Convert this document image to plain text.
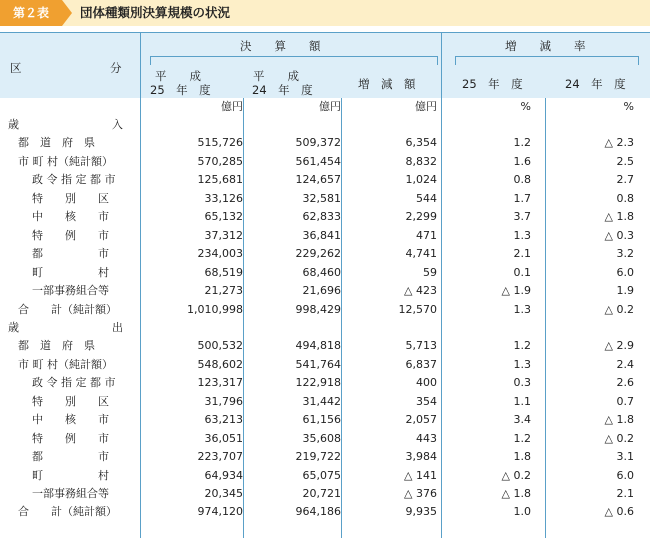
第２表	団体種類別決算規模の状況
区	分
決　　算　　額	増　　減　　率
平　　成
25　年　度
平　　成
24　年　度	増　減　額	25　年　度	24　年　度
億円	億円	億円	%	%
歳	入
都　道　府　県	515,726	509,372	6,354	1.2	△ 2.3
市 町 村（純計額）	570,285	561,454	8,832	1.6	2.5
政 令 指 定 都 市	125,681	124,657	1,024	0.8	2.7
特　　別　　区	33,126	32,581	544	1.7	0.8
中　　核　　市	65,132	62,833	2,299	3.7	△ 1.8
特　　例　　市	37,312	36,841	471	1.3	△ 0.3
都　　　　　市	234,003	229,262	4,741	2.1	3.2
町　　　　　村	68,519	68,460	59	0.1	6.0
一部事務組合等	21,273	21,696	△ 423	△ 1.9	1.9
合　　計（純計額）	1,010,998	998,429	12,570	1.3	△ 0.2
歳	出
都　道　府　県	500,532	494,818	5,713	1.2	△ 2.9
市 町 村（純計額）	548,602	541,764	6,837	1.3	2.4
政 令 指 定 都 市	123,317	122,918	400	0.3	2.6
特　　別　　区	31,796	31,442	354	1.1	0.7
中　　核　　市	63,213	61,156	2,057	3.4	△ 1.8
特　　例　　市	36,051	35,608	443	1.2	△ 0.2
都　　　　　市	223,707	219,722	3,984	1.8	3.1
町　　　　　村	64,934	65,075	△ 141	△ 0.2	6.0
一部事務組合等	20,345	20,721	△ 376	△ 1.8	2.1
合　　計（純計額）	974,120	964,186	9,935	1.0	△ 0.6
